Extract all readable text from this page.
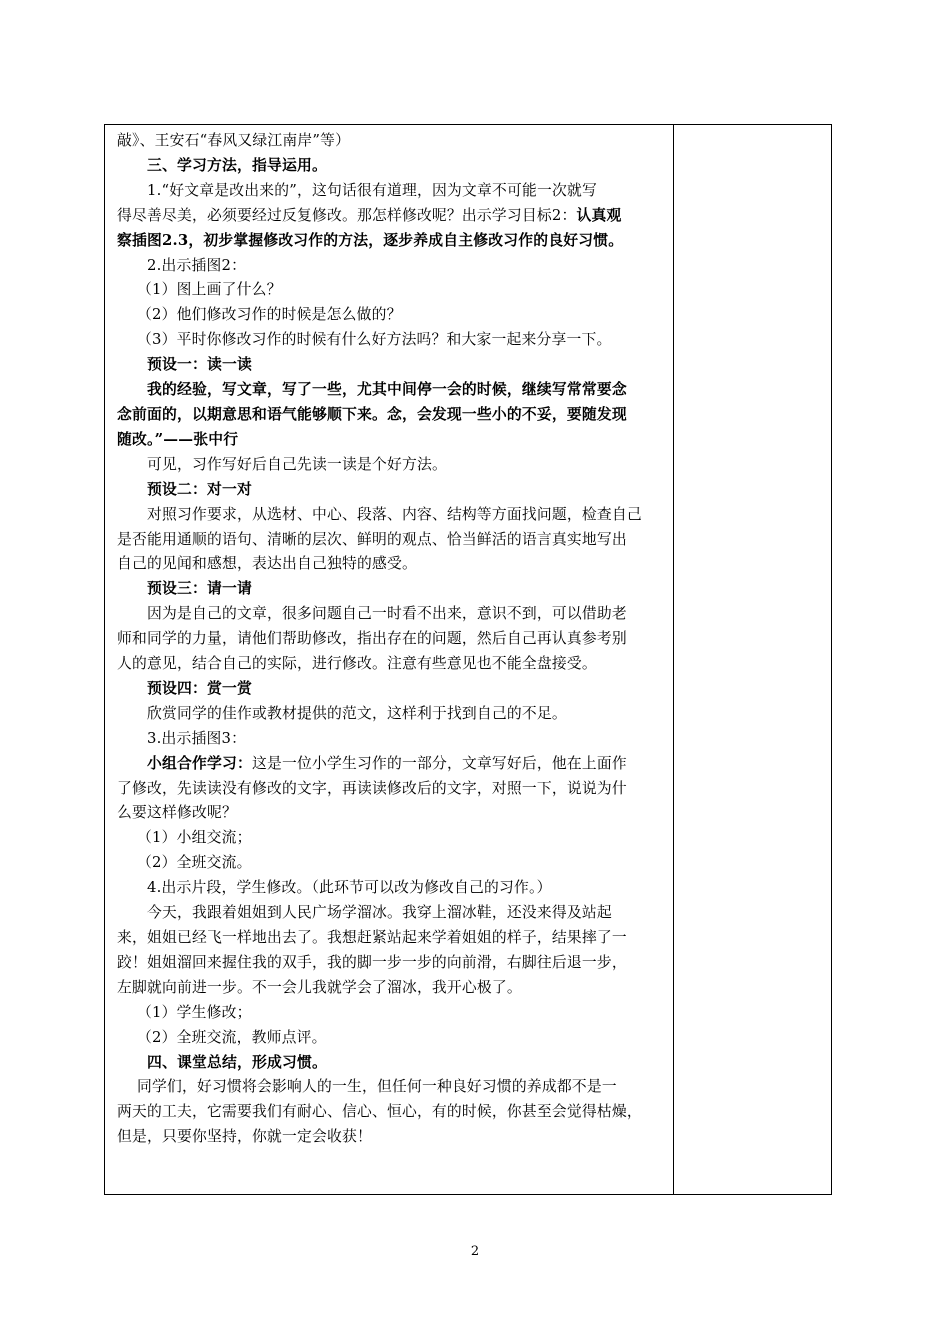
敲》、王安石“春风又绿江南岸”等）
三、学习方法，指导运用。
1.“好文章是改出来的”，这句话很有道理，因为文章不可能一次就写
得尽善尽美，必须要经过反复修改。那怎样修改呢？出示学习目标2：认真观
察插图2.3，初步掌握修改习作的方法，逐步养成自主修改习作的良好习惯。
2.出示插图2：
（1）图上画了什么？
（2）他们修改习作的时候是怎么做的？
（3）平时你修改习作的时候有什么好方法吗？和大家一起来分享一下。
预设一：读一读
我的经验，写文章，写了一些，尤其中间停一会的时候，继续写常常要念
念前面的，以期意思和语气能够顺下来。念，会发现一些小的不妥，要随发现
随改。”——张中行
可见，习作写好后自己先读一读是个好方法。
预设二：对一对
对照习作要求，从选材、中心、段落、内容、结构等方面找问题，检查自己
是否能用通顺的语句、清晰的层次、鲜明的观点、恰当鲜活的语言真实地写出
自己的见闻和感想，表达出自己独特的感受。
预设三：请一请
因为是自己的文章，很多问题自己一时看不出来，意识不到，可以借助老
师和同学的力量，请他们帮助修改，指出存在的问题，然后自己再认真参考别
人的意见，结合自己的实际，进行修改。注意有些意见也不能全盘接受。
预设四：赏一赏
欣赏同学的佳作或教材提供的范文，这样利于找到自己的不足。
3.出示插图3：
小组合作学习：这是一位小学生习作的一部分，文章写好后，他在上面作
了修改，先读读没有修改的文字，再读读修改后的文字，对照一下，说说为什
么要这样修改呢？
（1）小组交流；
（2）全班交流。
4.出示片段，学生修改。（此环节可以改为修改自己的习作。）
今天，我跟着姐姐到人民广场学溜冰。我穿上溜冰鞋，还没来得及站起
来，姐姐已经飞一样地出去了。我想赶紧站起来学着姐姐的样子，结果摔了一
跤！姐姐溜回来握住我的双手，我的脚一步一步的向前滑，右脚往后退一步，
左脚就向前进一步。不一会儿我就学会了溜冰，我开心极了。
（1）学生修改；
（2）全班交流，教师点评。
四、课堂总结，形成习惯。
同学们，好习惯将会影响人的一生，但任何一种良好习惯的养成都不是一
两天的工夫，它需要我们有耐心、信心、恒心，有的时候，你甚至会觉得枯燥，
但是，只要你坚持，你就一定会收获！
2
